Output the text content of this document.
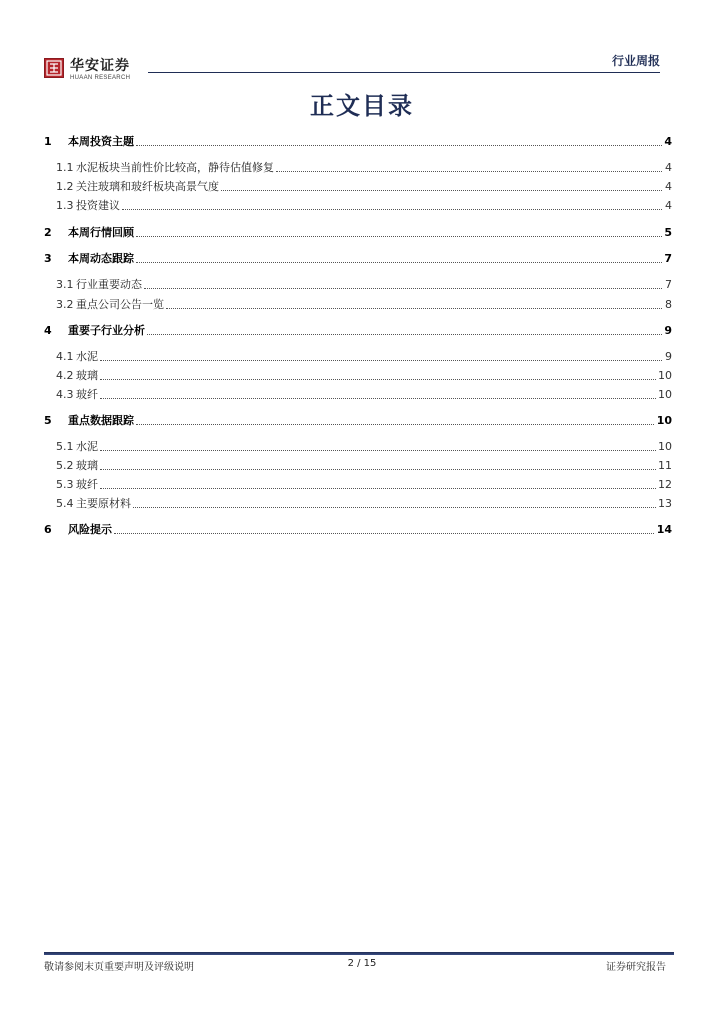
华安证券
HUAAN RESEARCH
行业周报
正文目录
1 本周投资主题	4
1.1 水泥板块当前性价比较高，静待估值修复	4
1.2 关注玻璃和玻纤板块高景气度	4
1.3 投资建议	4
2 本周行情回顾	5
3 本周动态跟踪	7
3.1 行业重要动态	7
3.2 重点公司公告一览	8
4 重要子行业分析	9
4.1 水泥	9
4.2 玻璃	10
4.3 玻纤	10
5 重点数据跟踪	10
5.1 水泥	10
5.2 玻璃	11
5.3 玻纤	12
5.4 主要原材料	13
6 风险提示	14
敬请参阅末页重要声明及评级说明	2 / 15	证券研究报告
